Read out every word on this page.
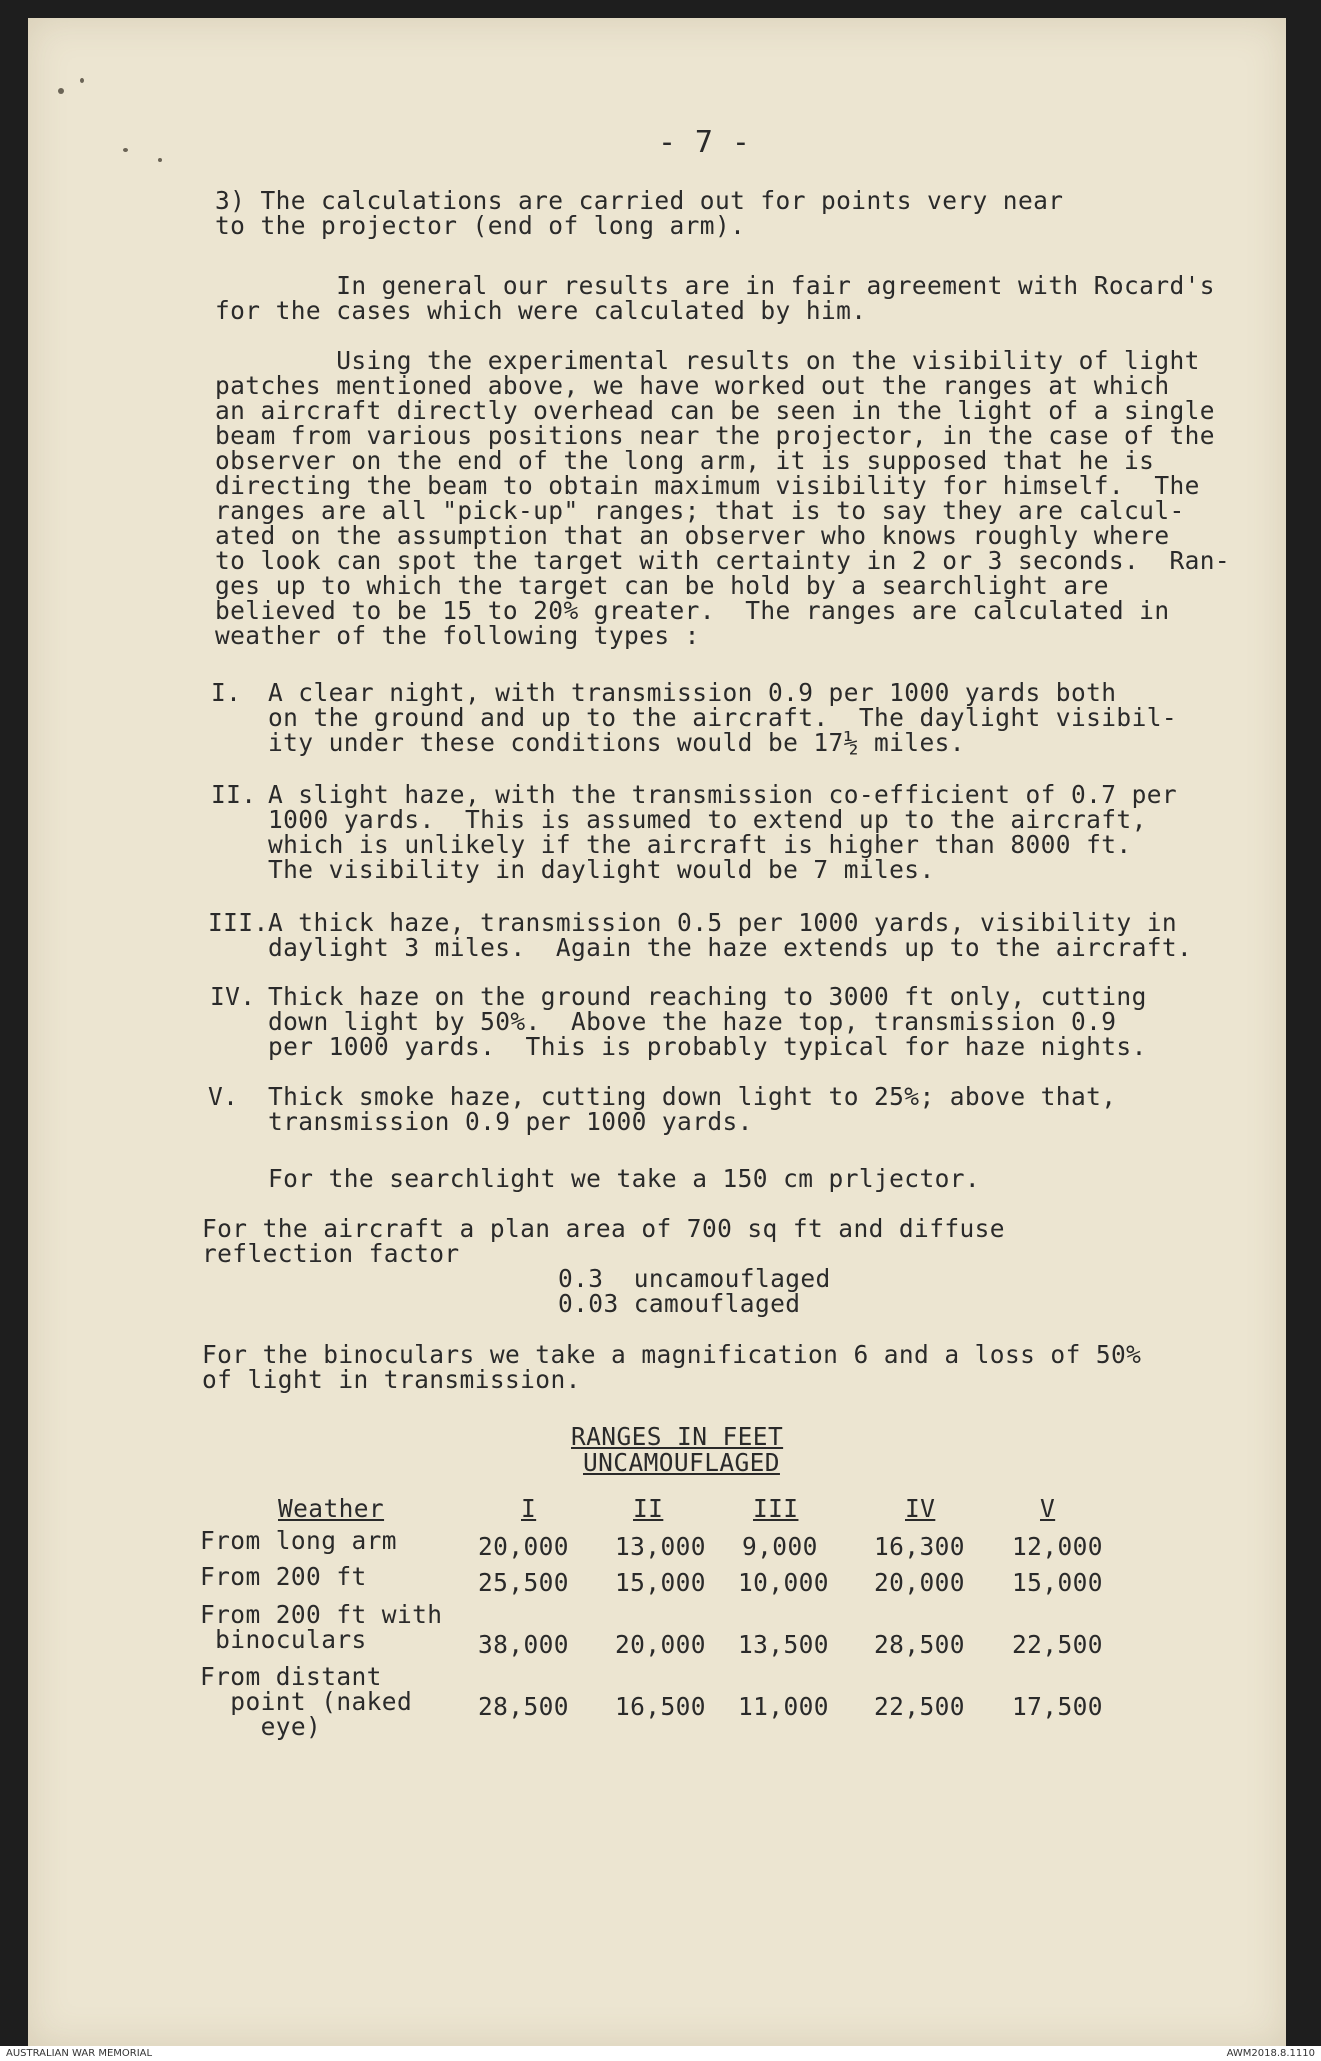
- 7 -
3) The calculations are carried out for points very near
to the projector (end of long arm).
In general our results are in fair agreement with Rocard's
for the cases which were calculated by him.
Using the experimental results on the visibility of light
patches mentioned above, we have worked out the ranges at which
an aircraft directly overhead can be seen in the light of a single
beam from various positions near the projector, in the case of the
observer on the end of the long arm, it is supposed that he is
directing the beam to obtain maximum visibility for himself.  The
ranges are all "pick-up" ranges; that is to say they are calcul-
ated on the assumption that an observer who knows roughly where
to look can spot the target with certainty in 2 or 3 seconds.  Ran-
ges up to which the target can be hold by a searchlight are
believed to be 15 to 20% greater.  The ranges are calculated in
weather of the following types :
I. A clear night, with transmission 0.9 per 1000 yards both
on the ground and up to the aircraft.  The daylight visibil-
ity under these conditions would be 17½ miles.
II. A slight haze, with the transmission co-efficient of 0.7 per
1000 yards.  This is assumed to extend up to the aircraft,
which is unlikely if the aircraft is higher than 8000 ft.
The visibility in daylight would be 7 miles.
III. A thick haze, transmission 0.5 per 1000 yards, visibility in
daylight 3 miles.  Again the haze extends up to the aircraft.
IV. Thick haze on the ground reaching to 3000 ft only, cutting
down light by 50%.  Above the haze top, transmission 0.9
per 1000 yards.  This is probably typical for haze nights.
V. Thick smoke haze, cutting down light to 25%; above that,
transmission 0.9 per 1000 yards.
For the searchlight we take a 150 cm prljector.
For the aircraft a plan area of 700 sq ft and diffuse
reflection factor
0.3  uncamouflaged
0.03 camouflaged
For the binoculars we take a magnification 6 and a loss of 50%
of light in transmission.
RANGES IN FEET
UNCAMOUFLAGED
Weather	I	II	III	IV	V
From long arm	20,000 13,000 9,000 16,300 12,000
From 200 ft	25,500 15,000 10,000 20,000 15,000
From 200 ft with
binoculars	38,000 20,000 13,500 28,500 22,500
From distant
point (naked
eye)
28,500 16,500 11,000 22,500 17,500
AUSTRALIAN WAR MEMORIAL	AWM2018.8.1110
